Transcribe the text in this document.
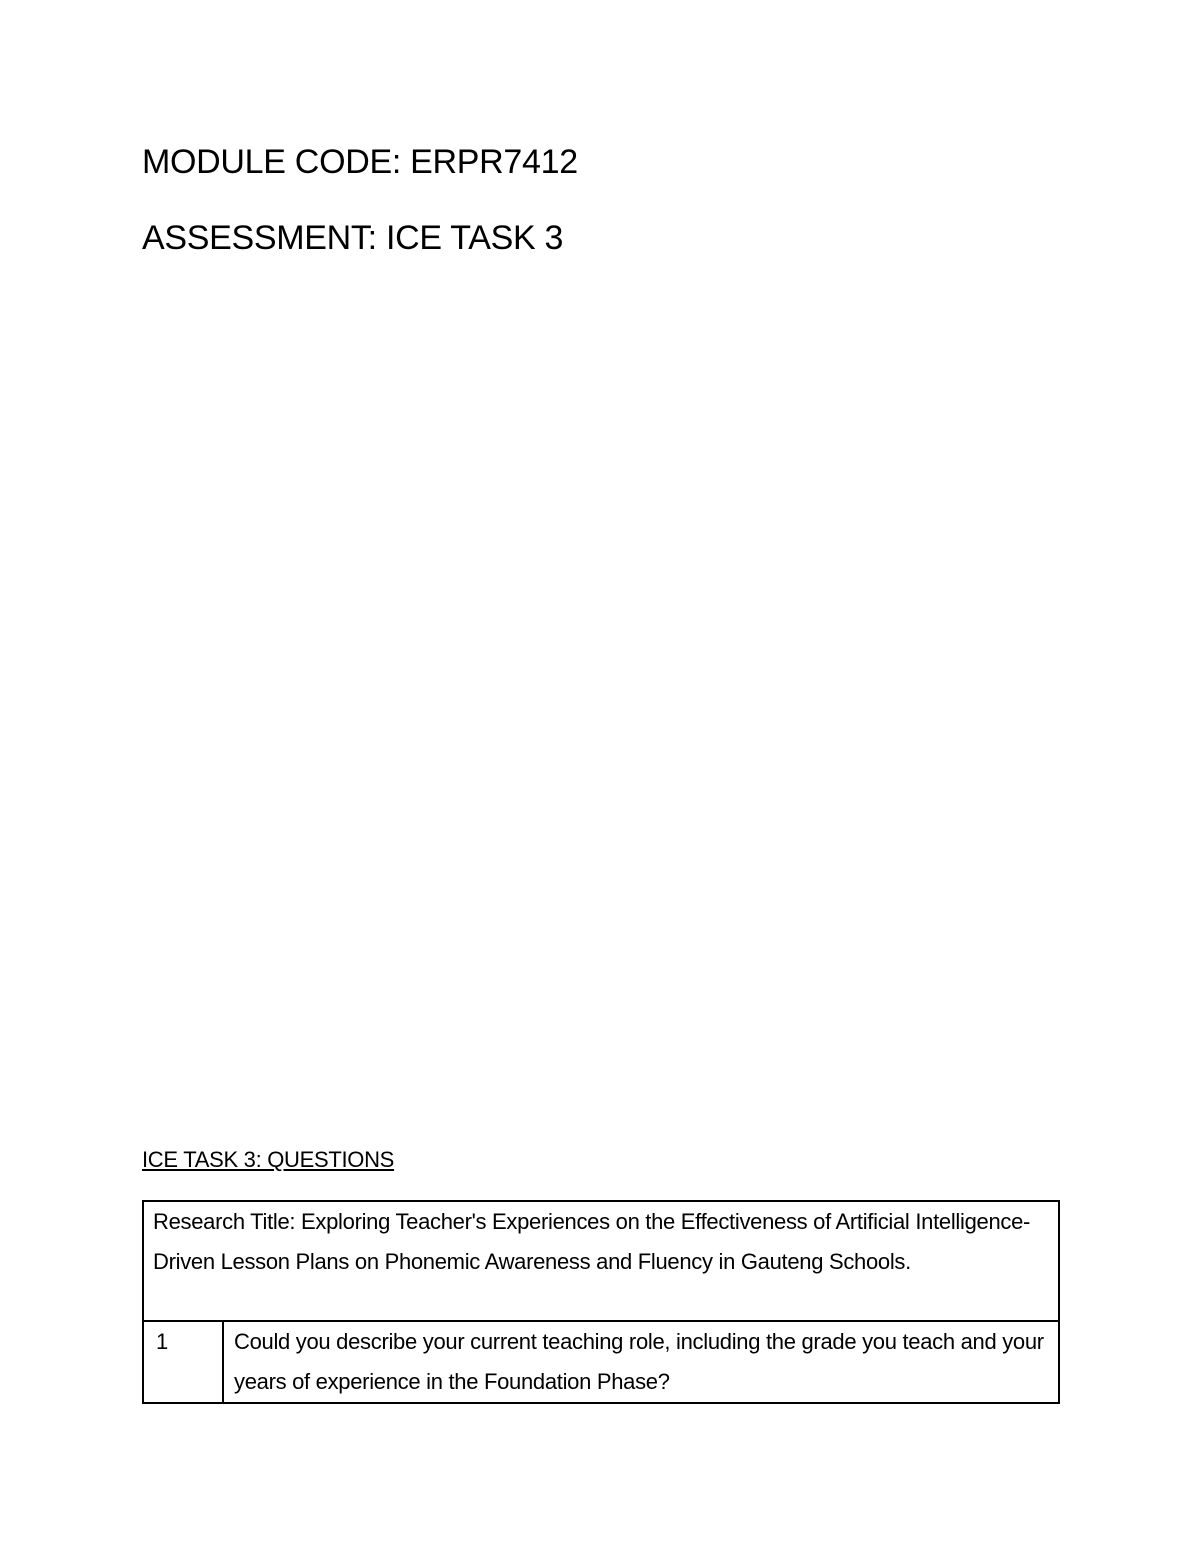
MODULE CODE: ERPR7412
ASSESSMENT: ICE TASK 3
ICE TASK 3: QUESTIONS
Research Title: Exploring Teacher's Experiences on the Effectiveness of Artificial Intelligence-Driven Lesson Plans on Phonemic Awareness and Fluency in Gauteng Schools.
1	Could you describe your current teaching role, including the grade you teach and your years of experience in the Foundation Phase?
